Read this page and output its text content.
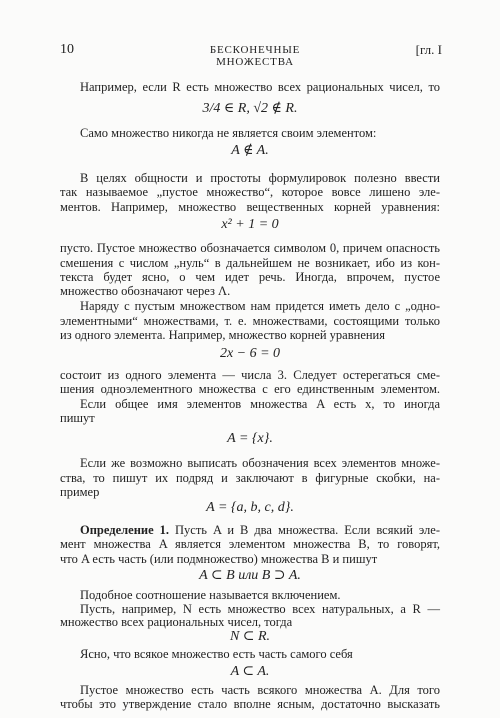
10	БЕСКОНЕЧНЫЕ МНОЖЕСТВА
[гл. I
Например, если R есть множество всех рациональных чисел, то
3/4 ∈ R, √2 ∉ R.
Само множество никогда не является своим элементом:
A ∉ A.
В целях общности и простоты формулировок полезно ввести
так называемое „пустое множество“, которое вовсе лишено эле-
ментов. Например, множество вещественных корней уравнения:
x² + 1 = 0
пусто. Пустое множество обозначается символом 0, причем опасность
смешения с числом „нуль“ в дальнейшем не возникает, ибо из кон-
текста будет ясно, о чем идет речь. Иногда, впрочем, пустое
множество обозначают через Λ.
Наряду с пустым множеством нам придется иметь дело с „одно-
элементными“ множествами, т. е. множествами, состоящими только
из одного элемента. Например, множество корней уравнения
2x − 6 = 0
состоит из одного элемента — числа 3. Следует остерегаться сме-
шения одноэлементного множества с его единственным элементом.
Если общее имя элементов множества A есть x, то иногда
пишут
A = {x}.
Если же возможно выписать обозначения всех элементов множе-
ства, то пишут их подряд и заключают в фигурные скобки, на-
пример
A = {a, b, c, d}.
Определение 1. Пусть A и B два множества. Если всякий эле-
мент множества A является элементом множества B, то говорят,
что A есть часть (или подмножество) множества B и пишут
A ⊂ B или B ⊃ A.
Подобное соотношение называется включением.
Пусть, например, N есть множество всех натуральных, а R —
множество всех рациональных чисел, тогда
N ⊂ R.
Ясно, что всякое множество есть часть самого себя
A ⊂ A.
Пустое множество есть часть всякого множества A. Для того
чтобы это утверждение стало вполне ясным, достаточно высказать
